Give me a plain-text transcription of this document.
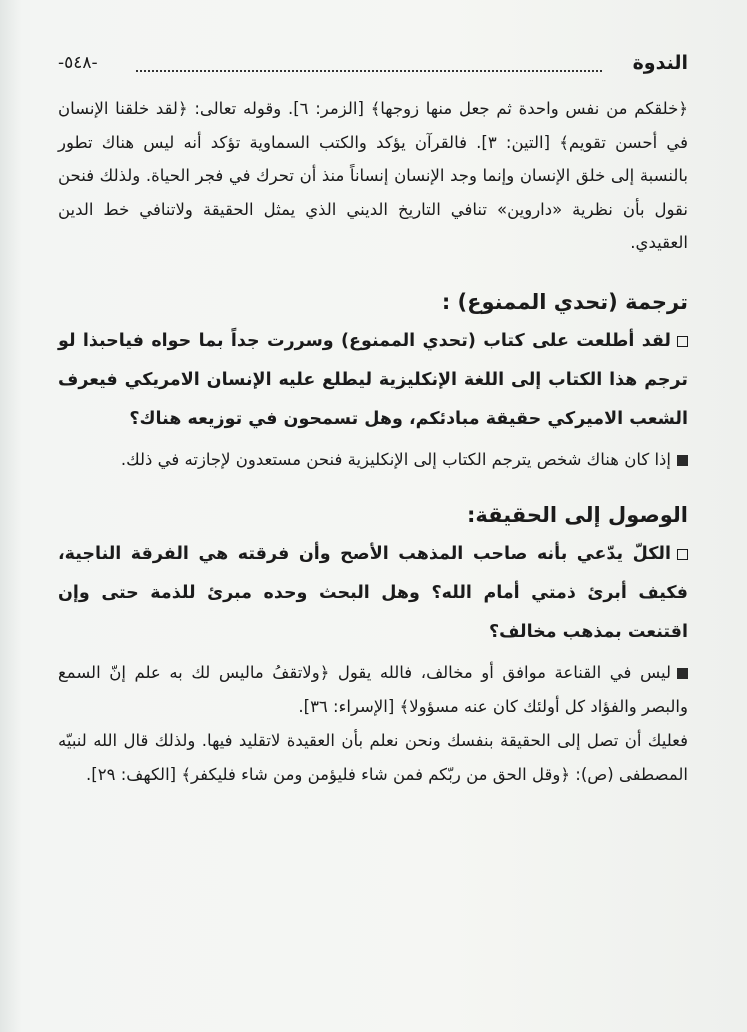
الندوة
-٥٤٨-

﴿خلقكم من نفس واحدة ثم جعل منها زوجها﴾ [الزمر: ٦]. وقوله تعالى: ﴿لقد خلقنا الإنسان في أحسن تقويم﴾ [التين: ٣]. فالقرآن يؤكد والكتب السماوية تؤكد أنه ليس هناك تطور بالنسبة إلى خلق الإنسان وإنما وجد الإنسان إنساناً منذ أن تحرك في فجر الحياة. ولذلك فنحن نقول بأن نظرية «داروين» تنافي التاريخ الديني الذي يمثل الحقيقة ولاتنافي خط الدين العقيدي.

ترجمة (تحدي الممنوع) :

لقد أطلعت على كتاب (تحدي الممنوع) وسررت جداً بما حواه فياحبذا لو ترجم هذا الكتاب إلى اللغة الإنكليزية ليطلع عليه الإنسان الامريكي فيعرف الشعب الاميركي حقيقة مبادئكم، وهل تسمحون في توزيعه هناك؟

إذا كان هناك شخص يترجم الكتاب إلى الإنكليزية فنحن مستعدون لإجازته في ذلك.

الوصول إلى الحقيقة:

الكلّ يدّعي بأنه صاحب المذهب الأصح وأن فرقته هي الفرقة الناجية، فكيف أبرئ ذمتي أمام الله؟ وهل البحث وحده مبرئ للذمة حتى وإن اقتنعت بمذهب مخالف؟

ليس في القناعة موافق أو مخالف، فالله يقول ﴿ولاتقفُ ماليس لك به علم إنّ السمع والبصر والفؤاد كل أولئك كان عنه مسؤولا﴾ [الإسراء: ٣٦].

فعليك أن تصل إلى الحقيقة بنفسك ونحن نعلم بأن العقيدة لاتقليد فيها. ولذلك قال الله لنبيّه المصطفى (ص): ﴿وقل الحق من ربّكم فمن شاء فليؤمن ومن شاء فليكفر﴾ [الكهف: ٢٩].
